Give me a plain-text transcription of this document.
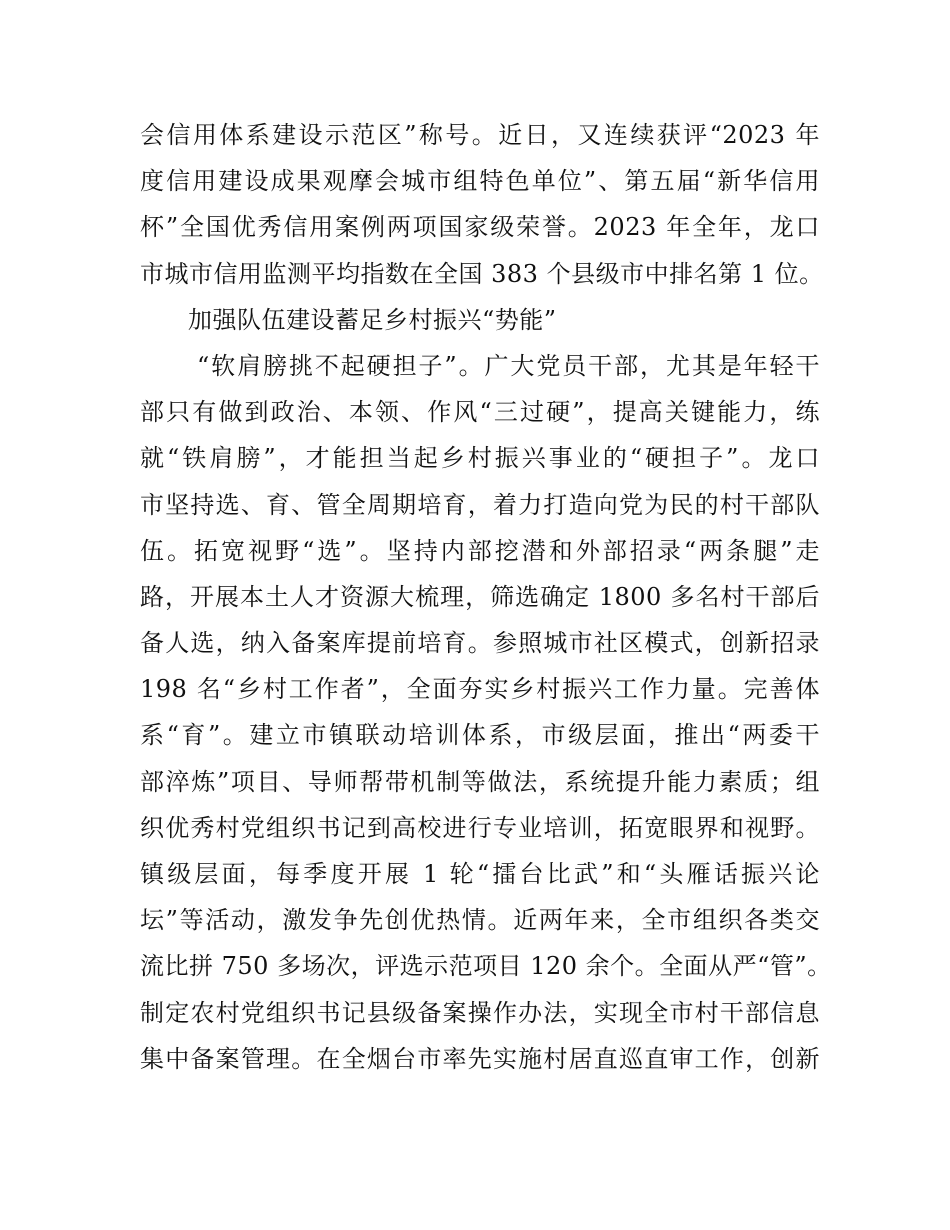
会信用体系建设示范区”称号。近日，又连续获评“2023 年
度信用建设成果观摩会城市组特色单位”、第五届“新华信用
杯”全国优秀信用案例两项国家级荣誉。2023 年全年，龙口
市城市信用监测平均指数在全国 383 个县级市中排名第 1 位。
加强队伍建设蓄足乡村振兴“势能”
“软肩膀挑不起硬担子”。广大党员干部，尤其是年轻干
部只有做到政治、本领、作风“三过硬”，提高关键能力，练
就“铁肩膀”，才能担当起乡村振兴事业的“硬担子”。龙口
市坚持选、育、管全周期培育，着力打造向党为民的村干部队
伍。拓宽视野“选”。坚持内部挖潜和外部招录“两条腿”走
路，开展本土人才资源大梳理，筛选确定 1800 多名村干部后
备人选，纳入备案库提前培育。参照城市社区模式，创新招录
198 名“乡村工作者”，全面夯实乡村振兴工作力量。完善体
系“育”。建立市镇联动培训体系，市级层面，推出“两委干
部淬炼”项目、导师帮带机制等做法，系统提升能力素质；组
织优秀村党组织书记到高校进行专业培训，拓宽眼界和视野。
镇级层面，每季度开展 1 轮“擂台比武”和“头雁话振兴论
坛”等活动，激发争先创优热情。近两年来，全市组织各类交
流比拼 750 多场次，评选示范项目 120 余个。全面从严“管”。
制定农村党组织书记县级备案操作办法，实现全市村干部信息
集中备案管理。在全烟台市率先实施村居直巡直审工作，创新
